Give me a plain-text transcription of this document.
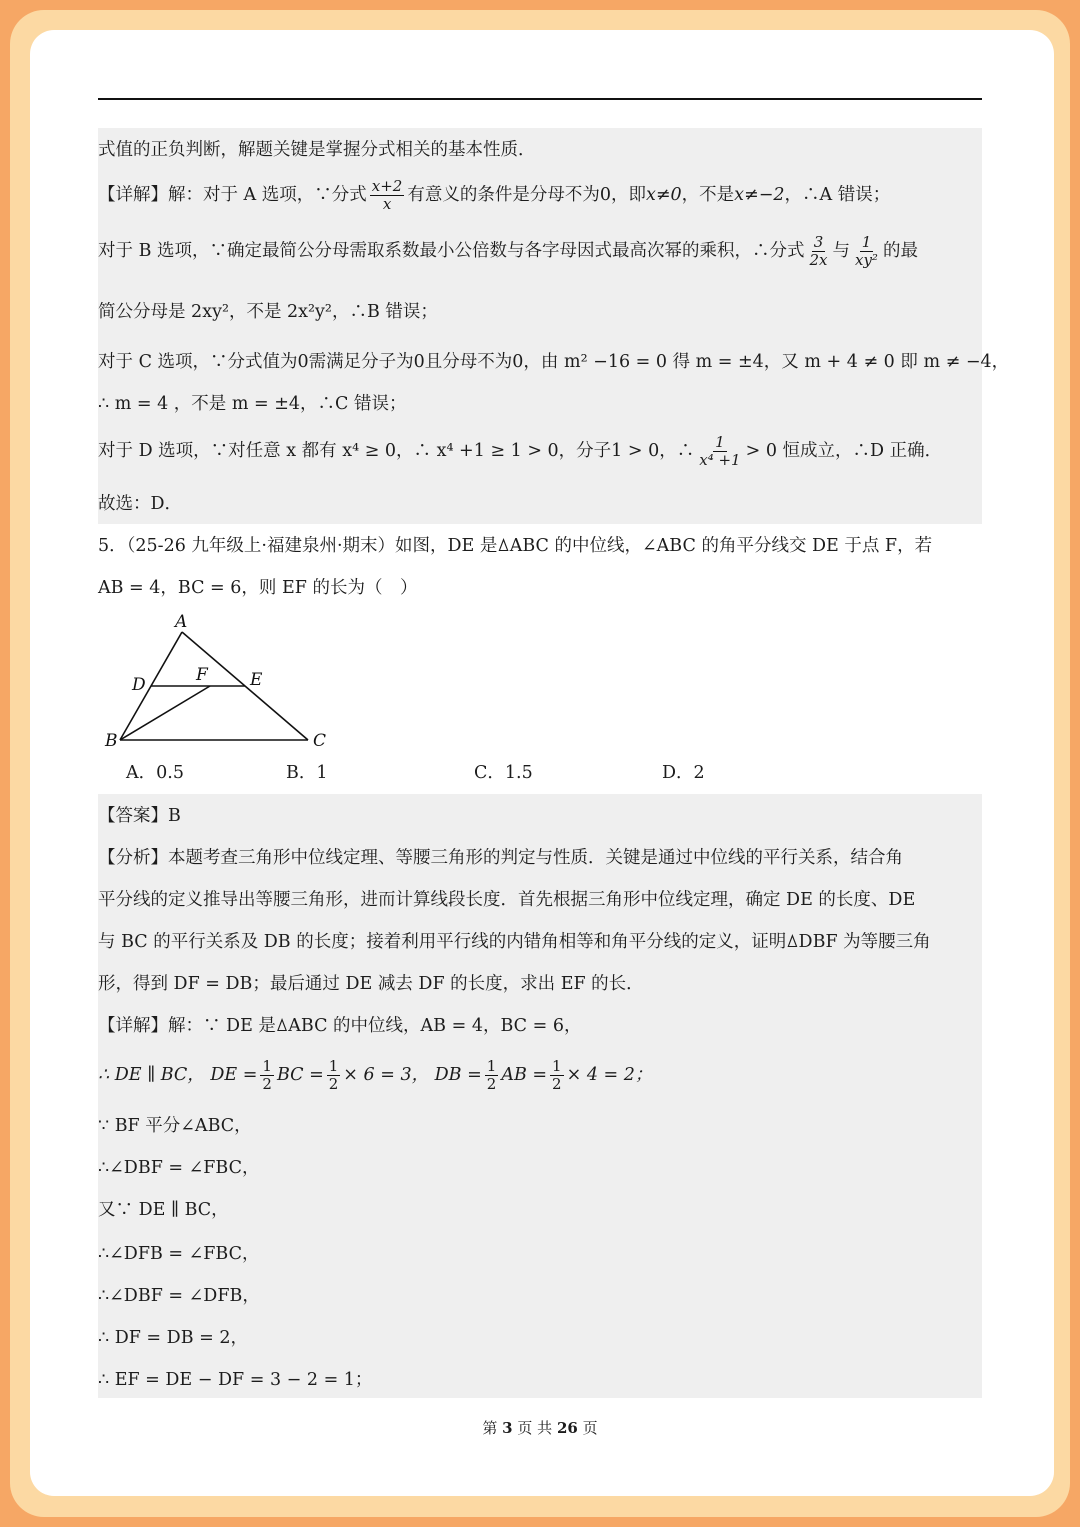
式值的正负判断，解题关键是掌握分式相关的基本性质．
【详解】解：对于 A 选项，∵分式 $\frac{x+2}{x}$ 有意义的条件是分母不为0，即x≠0，不是x≠−2，∴A 错误；
对于 B 选项，∵确定最简公分母需取系数最小公倍数与各字母因式最高次幂的乘积，∴分式 $\frac{3}{2x}$ 与 $\frac{1}{\text{xy²}}$ 的最
简公分母是 2xy²，不是 2x²y²，∴B 错误；
对于 C 选项，∵分式值为0需满足分子为0且分母不为0，由 m² −16 = 0 得 m = ±4，又 m + 4 ≠ 0 即 m ≠ −4，
∴ m = 4 ，不是 m = ±4，∴C 错误；
对于 D 选项，∵对任意 x 都有 x⁴ ≥ 0，∴ x⁴ +1 ≥ 1 > 0，分子1 > 0，∴ $\frac{1}{\text{x⁴ +1}} > 0$ 恒成立，∴D 正确．
故选：D．
5．（25-26 九年级上·福建泉州·期末）如图，DE 是ꕔABC 的中位线，∠ABC 的角平分线交 DE 于点 F，若
AB = 4，BC = 6，则 EF 的长为（　）
A
B	C
D	E
F
A．0.5	B．1	C．1.5	D．2
【答案】B
【分析】本题考查三角形中位线定理、等腰三角形的判定与性质．关键是通过中位线的平行关系，结合角
平分线的定义推导出等腰三角形，进而计算线段长度．首先根据三角形中位线定理，确定 DE 的长度、DE
与 BC 的平行关系及 DB 的长度；接着利用平行线的内错角相等和角平分线的定义，证明ꕔDBF 为等腰三角
形，得到 DF = DB；最后通过 DE 减去 DF 的长度，求出 EF 的长．
【详解】解：∵ DE 是ꕔABC 的中位线，AB = 4，BC = 6，
∴ DE ∥ BC， DE = $\frac{1}{2}$ BC = $\frac{1}{2} \times 6 = 3$， DB = $\frac{1}{2}$ AB = $\frac{1}{2} \times 4 = 2$；
∵ BF 平分∠ABC，
∴∠DBF = ∠FBC，
又∵ DE ∥ BC，
∴∠DFB = ∠FBC，
∴∠DBF = ∠DFB，
∴ DF = DB = 2，
∴ EF = DE − DF = 3 − 2 = 1；
第 3 页 共 26 页
